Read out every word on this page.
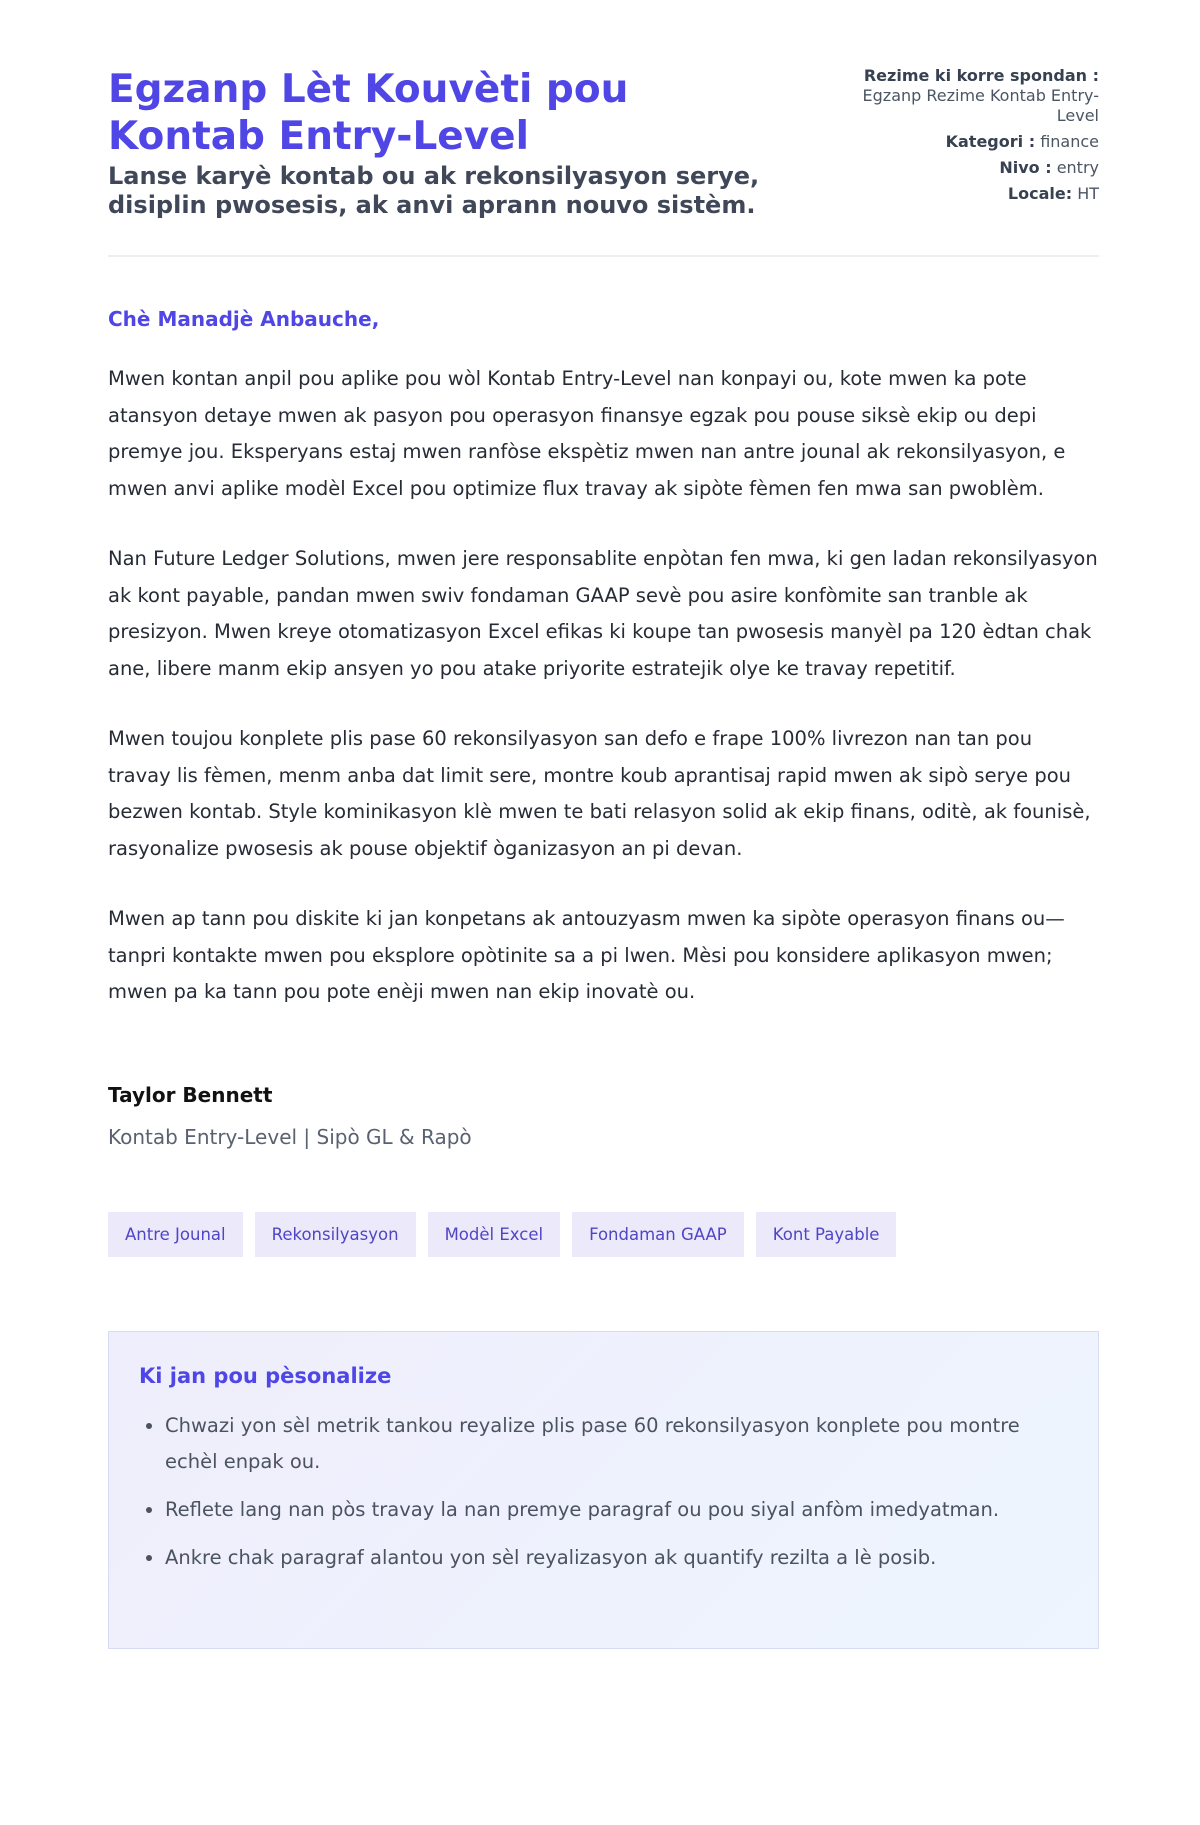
Egzanp Lèt Kouvèti pou Kontab Entry-Level
Lanse karyè kontab ou ak rekonsilyasyon serye, disiplin pwosesis, ak anvi aprann nouvo sistèm.
Rezime ki korre spondan :
Egzanp Rezime Kontab Entry-Level
Kategori : finance
Nivo : entry
Locale: HT
Chè Manadjè Anbauche,

Mwen kontan anpil pou aplike pou wòl Kontab Entry-Level nan konpayi ou, kote mwen ka pote atansyon detaye mwen ak pasyon pou operasyon finansye egzak pou pouse siksè ekip ou depi premye jou. Eksperyans estaj mwen ranfòse ekspètiz mwen nan antre jounal ak rekonsilyasyon, e mwen anvi aplike modèl Excel pou optimize flux travay ak sipòte fèmen fen mwa san pwoblèm.

Nan Future Ledger Solutions, mwen jere responsablite enpòtan fen mwa, ki gen ladan rekonsilyasyon ak kont payable, pandan mwen swiv fondaman GAAP sevè pou asire konfòmite san tranble ak presizyon. Mwen kreye otomatizasyon Excel efikas ki koupe tan pwosesis manyèl pa 120 èdtan chak ane, libere manm ekip ansyen yo pou atake priyorite estratejik olye ke travay repetitif.

Mwen toujou konplete plis pase 60 rekonsilyasyon san defo e frape 100% livrezon nan tan pou travay lis fèmen, menm anba dat limit sere, montre koub aprantisaj rapid mwen ak sipò serye pou bezwen kontab. Style kominikasyon klè mwen te bati relasyon solid ak ekip finans, oditè, ak founisè, rasyonalize pwosesis ak pouse objektif òganizasyon an pi devan.

Mwen ap tann pou diskite ki jan konpetans ak antouzyasm mwen ka sipòte operasyon finans ou—tanpri kontakte mwen pou eksplore opòtinite sa a pi lwen. Mèsi pou konsidere aplikasyon mwen; mwen pa ka tann pou pote enèji mwen nan ekip inovatè ou.

Taylor Bennett
Kontab Entry-Level | Sipò GL & Rapò
Antre Jounal	Rekonsilyasyon	Modèl Excel	Fondaman GAAP	Kont Payable
Ki jan pou pèsonalize
• Chwazi yon sèl metrik tankou reyalize plis pase 60 rekonsilyasyon konplete pou montre echèl enpak ou.
• Reflete lang nan pòs travay la nan premye paragraf ou pou siyal anfòm imedyatman.
• Ankre chak paragraf alantou yon sèl reyalizasyon ak quantify rezilta a lè posib.
